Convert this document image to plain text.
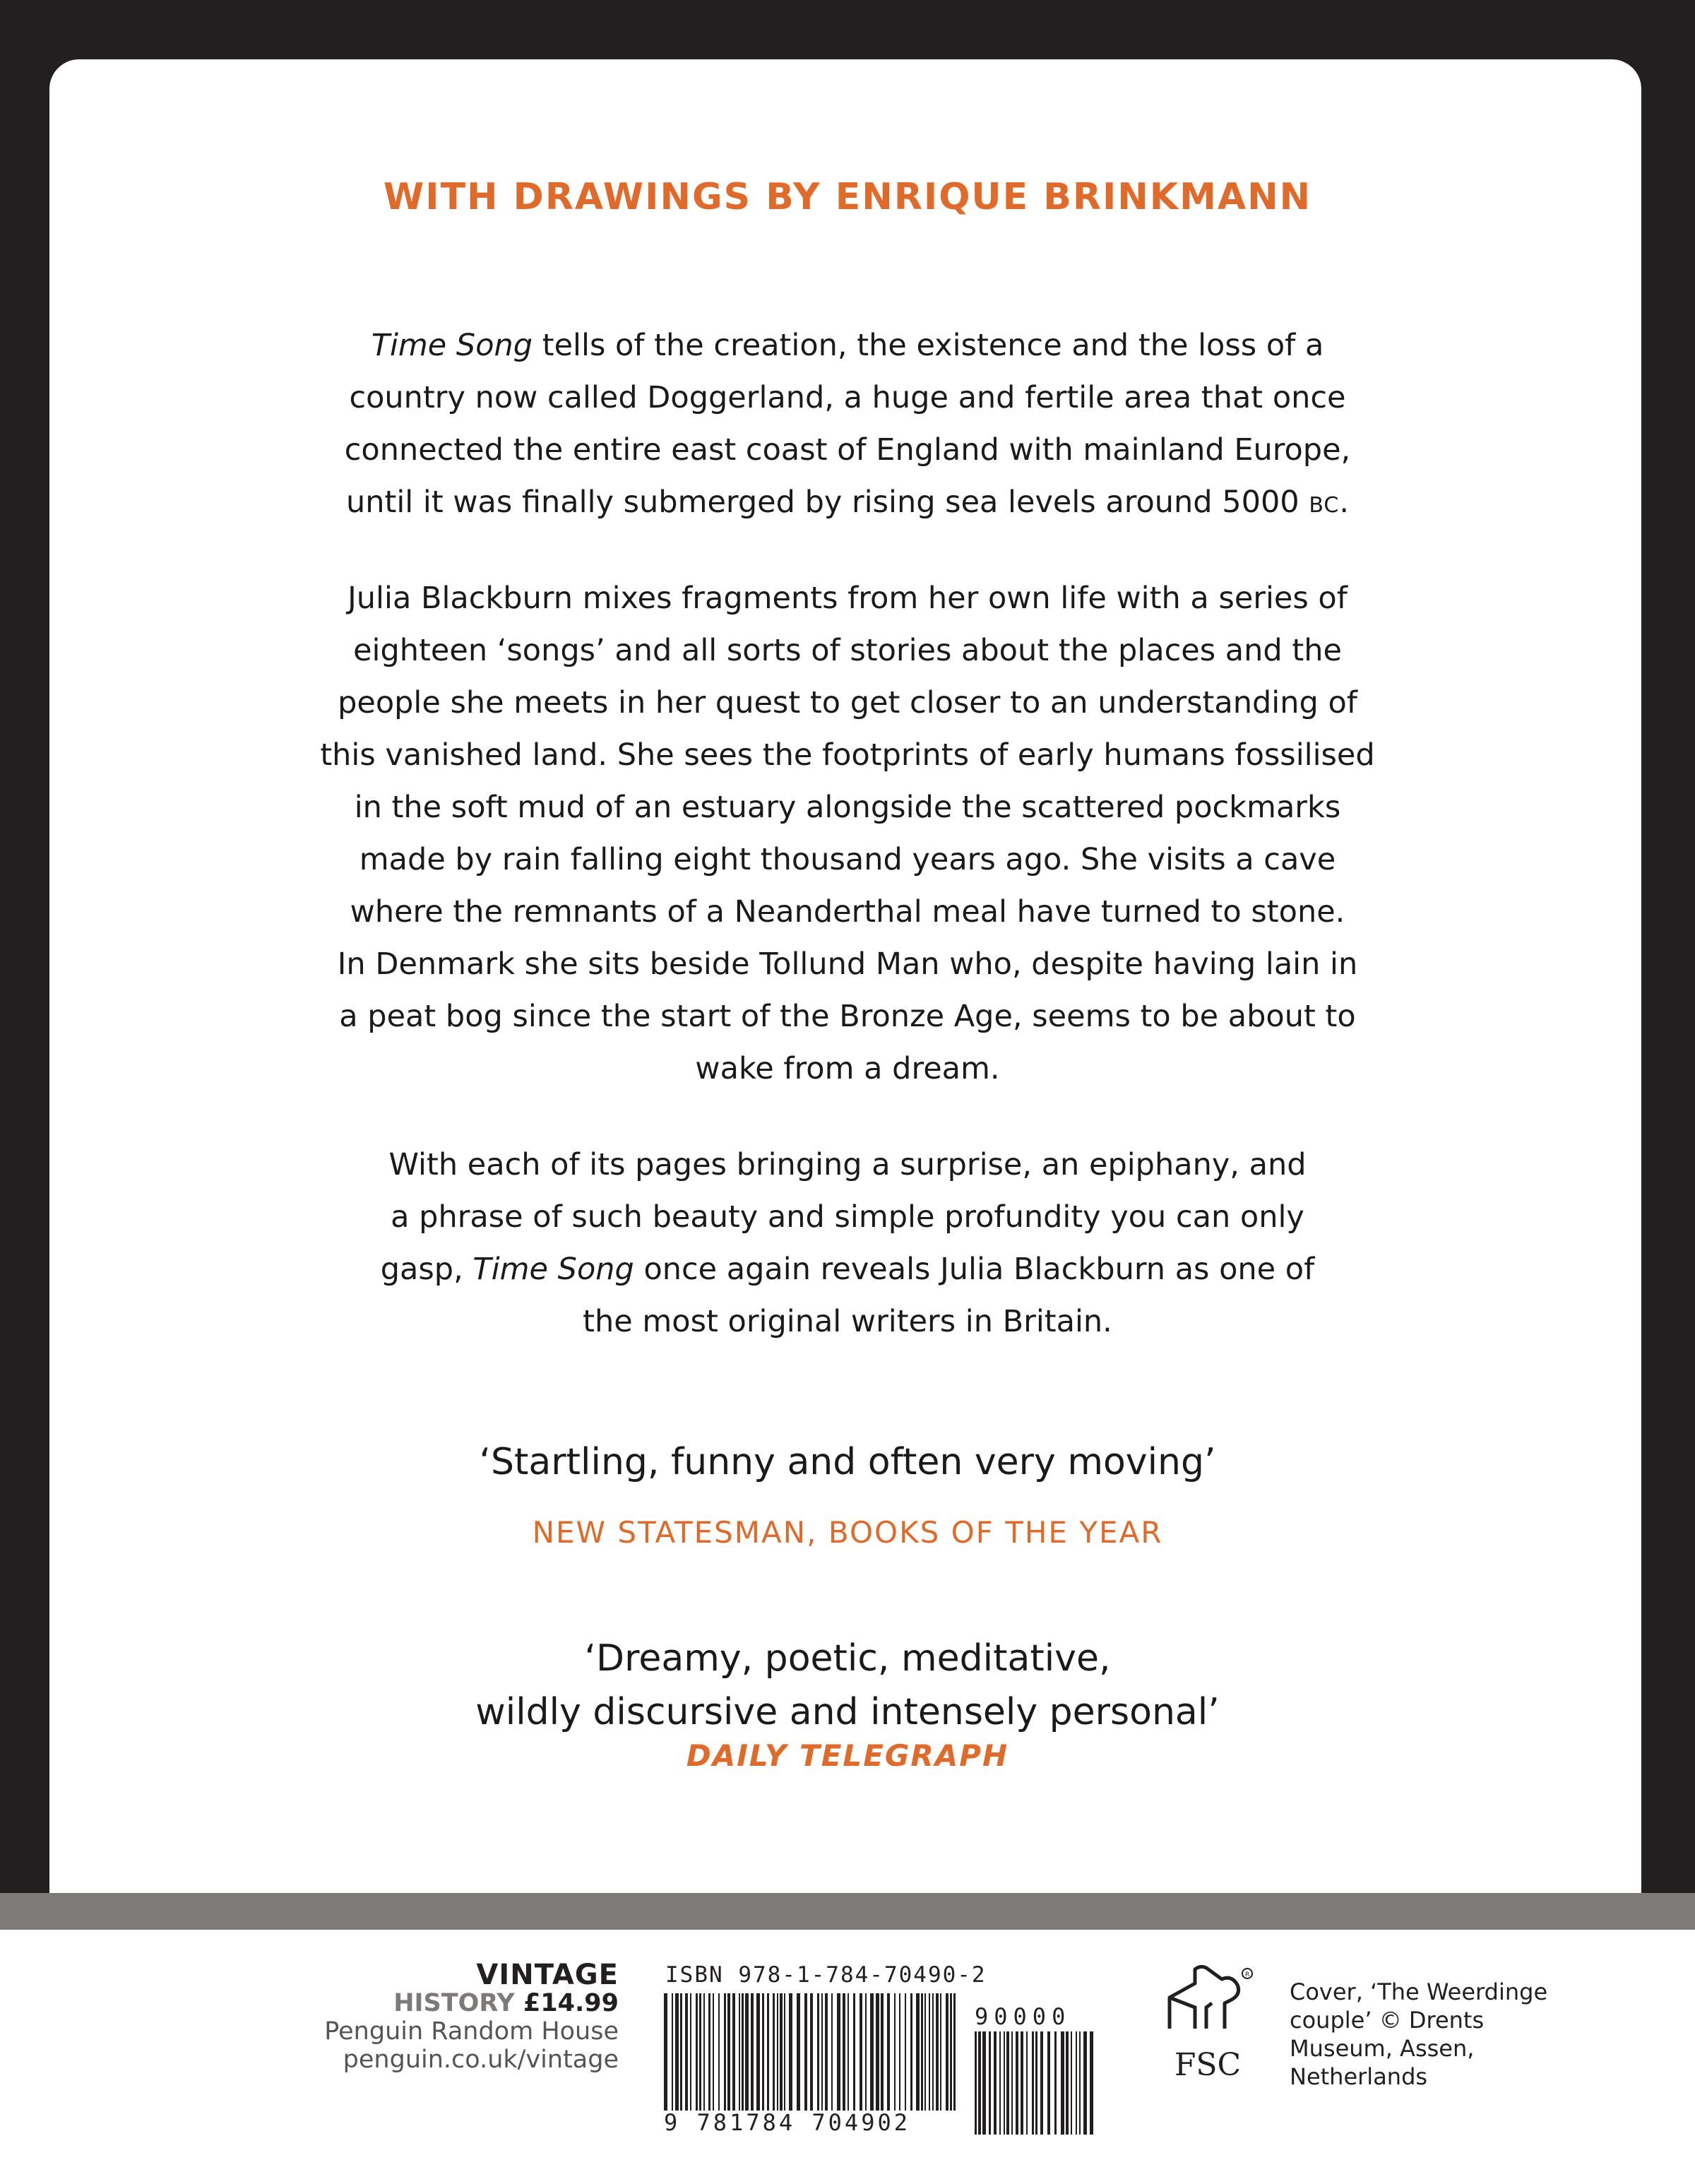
WITH DRAWINGS BY ENRIQUE BRINKMANN

Time Song tells of the creation, the existence and the loss of a
country now called Doggerland, a huge and fertile area that once
connected the entire east coast of England with mainland Europe,
until it was finally submerged by rising sea levels around 5000 BC.

Julia Blackburn mixes fragments from her own life with a series of
eighteen ‘songs’ and all sorts of stories about the places and the
people she meets in her quest to get closer to an understanding of
this vanished land. She sees the footprints of early humans fossilised
in the soft mud of an estuary alongside the scattered pockmarks
made by rain falling eight thousand years ago. She visits a cave
where the remnants of a Neanderthal meal have turned to stone.
In Denmark she sits beside Tollund Man who, despite having lain in
a peat bog since the start of the Bronze Age, seems to be about to
wake from a dream.

With each of its pages bringing a surprise, an epiphany, and
a phrase of such beauty and simple profundity you can only
gasp, Time Song once again reveals Julia Blackburn as one of
the most original writers in Britain.

‘Startling, funny and often very moving’

NEW STATESMAN, BOOKS OF THE YEAR

‘Dreamy, poetic, meditative,
wildly discursive and intensely personal’

DAILY TELEGRAPH

VINTAGE
HISTORY £14.99
Penguin Random House
penguin.co.uk/vintage

ISBN 978-1-784-70490-2

9 781784 704902

90000

R

FSC

Cover, ‘The Weerdinge
couple’ © Drents
Museum, Assen,
Netherlands
